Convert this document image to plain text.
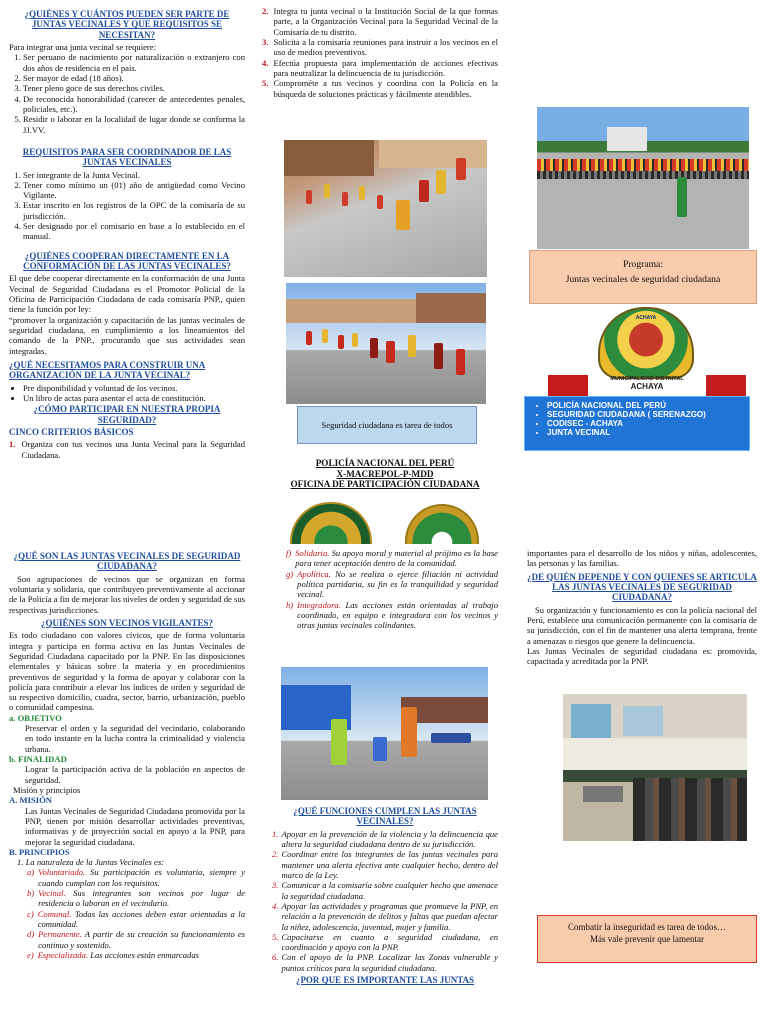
¿QUIÉNES Y CUÁNTOS PUEDEN SER PARTE DE JUNTAS VECINALES Y QUE REQUISITOS SE NECESITAN?

Para integrar una junta vecinal se requiere:

1. Ser peruano de nacimiento por naturalización o extranjero con dos años de residencia en el país.
2. Ser mayor de edad (18 años).
3. Tener pleno goce de sus derechos civiles.
4. De reconocida honorabilidad (carecer de antecedentes penales, policiales, etc.).
5. Residir o laborar en la localidad de lugar donde se conforma la JJ.VV.
REQUISITOS PARA SER COORDINADOR DE LAS JUNTAS VECINALES
1. Ser integrante de la Junta Vecinal.
2. Tener como mínimo un (01) año de antigüedad como Vecino Vigilante.
3. Estar inscrito en los registros de la OPC de la comisaría de su jurisdicción.
4. Ser designado por el comisario en base a lo establecido en el manual.
¿QUIÉNES COOPERAN DIRECTAMENTE EN LA CONFORMACIÓN DE LAS JUNTAS VECINALES?

El que debe cooperar directamente en la conformación de una Junta Vecinal de Seguridad Ciudadana es el Promotor Policial de la Oficina de Participación Ciudadana de cada comisaría PNP., quien tiene la función por ley:

“promover la organización y capacitación de las juntas vecinales de seguridad ciudadana, en cumplimiento a los lineamientos del comando de la PNP., procurando que sus actividades sean integradas.

¿QUÉ NECESITAMOS PARA CONSTRUIR UNA ORGANIZACIÓN DE LA JUNTA VECINAL?
• Pre disponibilidad y voluntad de los vecinos.
• Un libro de actas para asentar el acta de constitución.
¿CÓMO PARTICIPAR EN NUESTRA PROPIA SEGURIDAD?
CINCO CRITERIOS BÁSICOS
1. Organiza con tus vecinos una Junta Vecinal para la Seguridad Ciudadana.
2. Integra tu junta vecinal o la Institución Social de la que formas parte, a la Organización Vecinal para la Seguridad Vecinal de la Comisaría de tu distrito.
3. Solicita a la comisaría reuniones para instruir a los vecinos en el uso de medios preventivos.
4. Efectúa propuesta para implementación de acciones efectivas para neutralizar la delincuencia de tu jurisdicción.
5. Comprométe a tus vecinos y coordina con la Policía en la búsqueda de soluciones prácticas y fácilmente atendibles.
Seguridad ciudadana es tarea de todos
POLICÍA NACIONAL DEL PERÚ
X-MACREPOL-P-MDD
OFICINA DE PARTICIPACIÓN CIUDADANA
Programa:
Juntas vecinales de seguridad ciudadana
ACHAYA
MUNICIPALIDAD DISTRITAL
ACHAYA
• POLICÍA NACIONAL DEL PERÚ
• SEGURIDAD CIUDADANA ( SERENAZGO)
• CODISEC - ACHAYA
• JUNTA VECINAL
¿QUÉ SON LAS JUNTAS VECINALES DE SEGURIDAD CIUDADANA?

Son agrupaciones de vecinos que se organizan en forma voluntaria y solidaria, que contribuyen preventivamente al accionar de la Policía a fin de mejorar los niveles de orden y seguridad de sus respectivas jurisdicciones.

¿QUIÉNES SON VECINOS VIGILANTES?

Es todo ciudadano con valores cívicos, que de forma voluntaria integra y participa en forma activa en las Juntas Vecinales de Seguridad Ciudadana capacitado por la PNP. En las disposiciones elementales y básicas sobre la materia y en procedimientos preventivos de seguridad y la forma de apoyar y colaborar con la policía para contribuir a elevar los índices de orden y seguridad de su respectivo domicilio, cuadra, sector, barrio, urbanización, pueblo o comunidad campesina.

a. OBJETIVO

Preservar el orden y la seguridad del vecindario, colaborando en todo instante en la lucha contra la criminalidad y violencia urbana.

b. FINALIDAD

Lograr la participación activa de la población en aspectos de seguridad.

Misión y principios
A. MISIÓN

Las Juntas Vecinales de Seguridad Ciudadana promovida por la PNP, tienen por misión desarrollar actividades preventivas, informativas y de proyección social en apoyo a la PNP, para mejorar la seguridad ciudadana.

B. PRINCIPIOS
1. La naturaleza de la Juntas Vecinales es:
a) Voluntariado. Su participación es voluntaria, siempre y cuando cumplan con los requisitos.
b) Vecinal. Sus integrantes son vecinos por lugar de residencia o laboran en el vecindario.
c) Comunal. Todas las acciones deben estar orientadas a la comunidad.
d) Permanente. A partir de su creación su funcionamiento es continuo y sostenido.
e) Especializada. Las acciones están enmarcadas
f) Solidaria. Su apoyo moral y material al prójimo es la base para tener aceptación dentro de la comunidad.
g) Apolítica. No se realiza o ejerce filiación ni actividad política partidaria, su fin es la tranquilidad y seguridad vecinal.
h) Integradora. Las acciones están orientadas al trabajo coordinado, en equipo e integradora con los vecinos y otras juntas vecinales colindantes.
¿QUÉ FUNCIONES CUMPLEN LAS JUNTAS VECINALES?
1. Apoyar en la prevención de la violencia y la delincuencia que altera la seguridad ciudadana dentro de su jurisdicción.
2. Coordinar entre los integrantes de las juntas vecinales para mantener una alerta efectiva ante cualquier hecho, dentro del marco de la Ley.
3. Comunicar a la comisaría sobre cualquier hecho que amenace la seguridad ciudadana.
4. Apoyar las actividades y programas que promueve la PNP, en relación a la prevención de delitos y faltas que puedan afectar la niñez, adolescencia, juventud, mujer y familia.
5. Capacitarse en cuanto a seguridad ciudadana, en coordinación y apoyo con la PNP.
6. Con el apoyo de la PNP. Localizar las Zonas vulnerable y puntos críticos para la seguridad ciudadana.
¿POR QUE ES IMPORTANTE LAS JUNTAS

importantes para el desarrollo de los niños y niñas, adolescentes, las personas y las familias.

¿DE QUIÉN DEPENDE Y CON QUIENES SE ARTICULA LAS JUNTAS VECINALES DE SEGURIDAD CIUDADANA?

Su organización y funcionamiento es con la policía nacional del Perú, establece una comunicación permanente con la comisaría de su jurisdicción, con el fin de mantener una alerta temprana, frente a amenazas o riesgos que genere la delincuencia.

Las Juntas Vecinales de seguridad ciudadana es: promovida, capacitada y acreditada por la PNP.

Combatir la inseguridad es tarea de todos…
Más vale prevenir que lamentar
